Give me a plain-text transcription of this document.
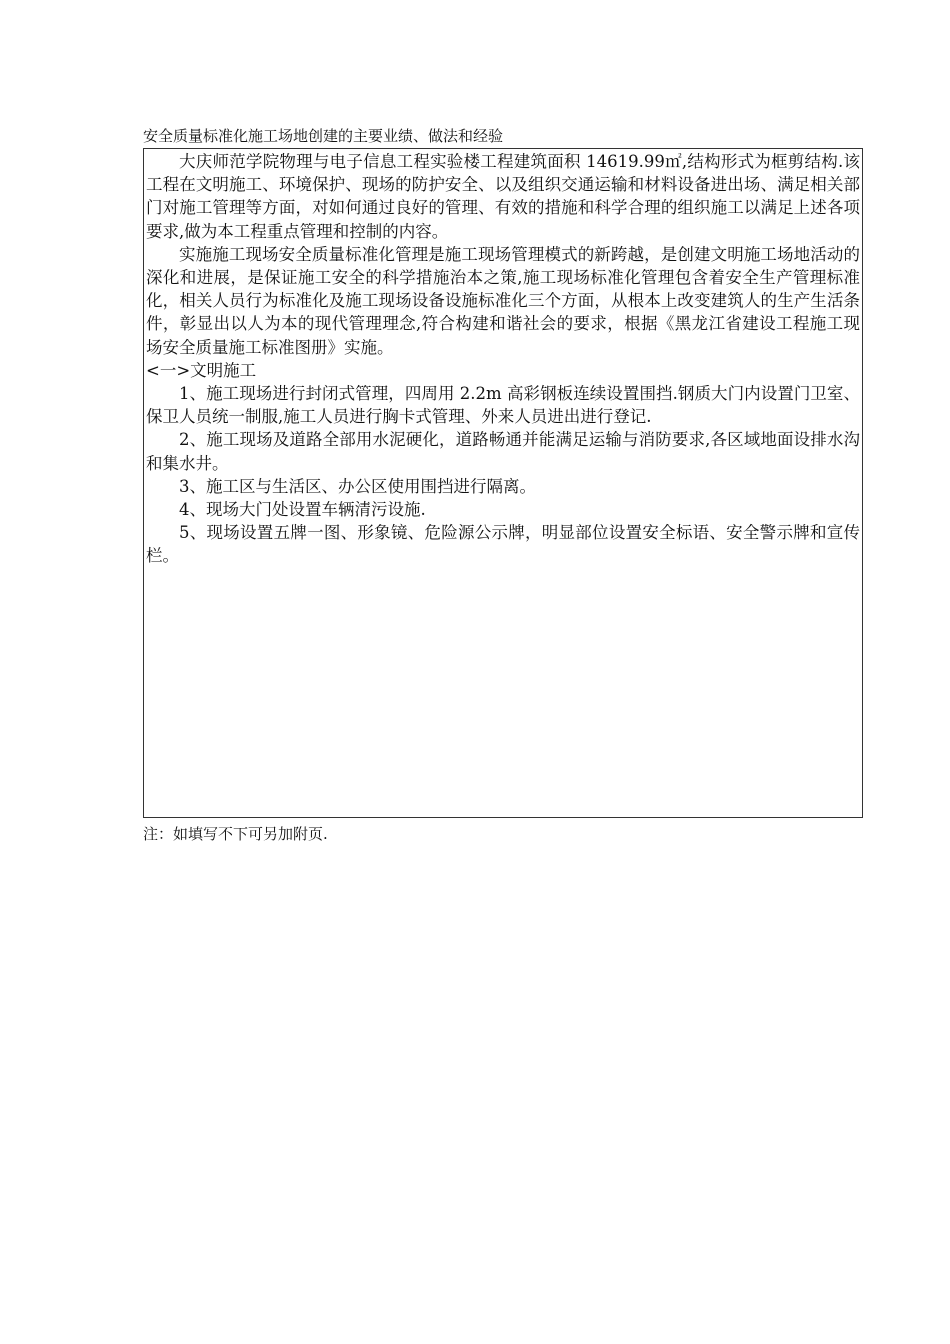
安全质量标准化施工场地创建的主要业绩、做法和经验

大庆师范学院物理与电子信息工程实验楼工程建筑面积 14619.99㎡,结构形式为框剪结构.该工程在文明施工、环境保护、现场的防护安全、以及组织交通运输和材料设备进出场、满足相关部门对施工管理等方面，对如何通过良好的管理、有效的措施和科学合理的组织施工以满足上述各项要求,做为本工程重点管理和控制的内容。

实施施工现场安全质量标准化管理是施工现场管理模式的新跨越，是创建文明施工场地活动的深化和进展，是保证施工安全的科学措施治本之策,施工现场标准化管理包含着安全生产管理标准化，相关人员行为标准化及施工现场设备设施标准化三个方面，从根本上改变建筑人的生产生活条件，彰显出以人为本的现代管理理念,符合构建和谐社会的要求，根据《黑龙江省建设工程施工现场安全质量施工标准图册》实施。

<一>文明施工

1、施工现场进行封闭式管理，四周用 2.2m 高彩钢板连续设置围挡.钢质大门内设置门卫室、保卫人员统一制服,施工人员进行胸卡式管理、外来人员进出进行登记.

2、施工现场及道路全部用水泥硬化，道路畅通并能满足运输与消防要求,各区域地面设排水沟和集水井。

3、施工区与生活区、办公区使用围挡进行隔离。

4、现场大门处设置车辆清污设施.

5、现场设置五牌一图、形象镜、危险源公示牌，明显部位设置安全标语、安全警示牌和宣传栏。

注：如填写不下可另加附页.
